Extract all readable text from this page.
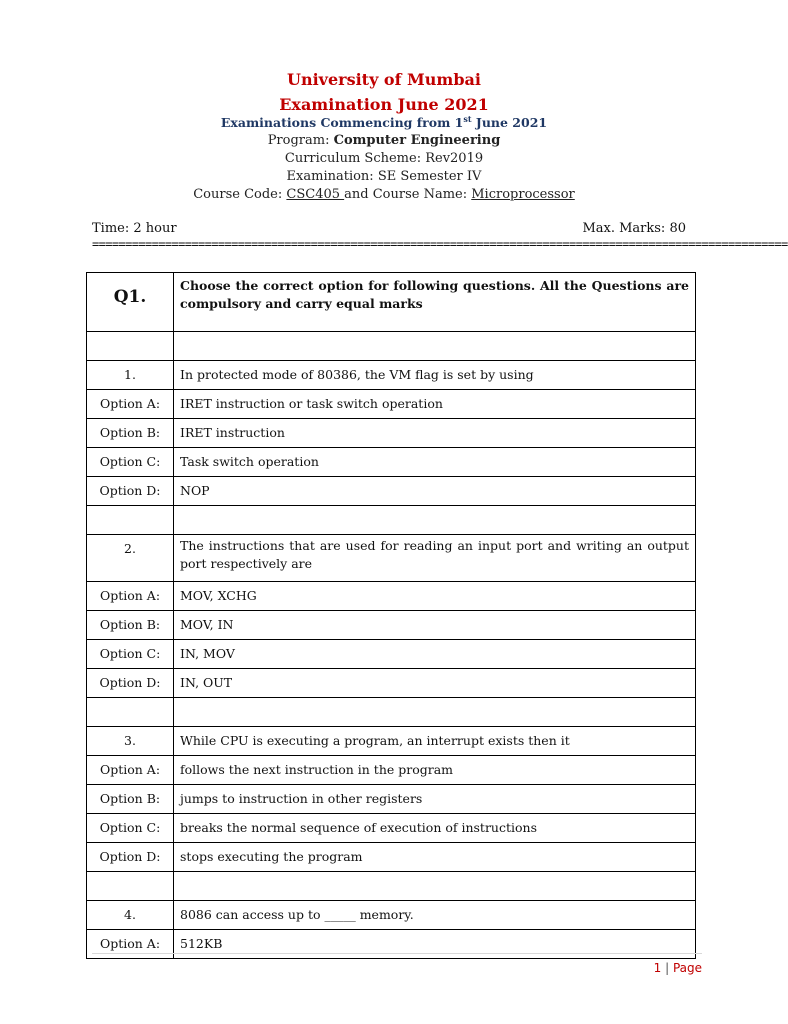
University of Mumbai
Examination June 2021
Examinations Commencing from 1st June 2021
Program: Computer Engineering
Curriculum Scheme: Rev2019
Examination: SE Semester IV
Course Code: CSC405 and Course Name: Microprocessor
Time: 2 hour	Max. Marks: 80
=========================================================================================================
Q1.	Choose the correct option for following questions. All the Questions are compulsory and carry equal marks

1.	In protected mode of 80386, the VM flag is set by using
Option A:	IRET instruction or task switch operation
Option B:	IRET instruction
Option C:	Task switch operation
Option D:	NOP

2.	The instructions that are used for reading an input port and writing an output port respectively are
Option A:	MOV, XCHG
Option B:	MOV, IN
Option C:	IN, MOV
Option D:	IN, OUT

3.	While CPU is executing a program, an interrupt exists then it
Option A:	follows the next instruction in the program
Option B:	jumps to instruction in other registers
Option C:	breaks the normal sequence of execution of instructions
Option D:	stops executing the program

4.	8086 can access up to _____ memory.
Option A:	512KB
1 | Page
